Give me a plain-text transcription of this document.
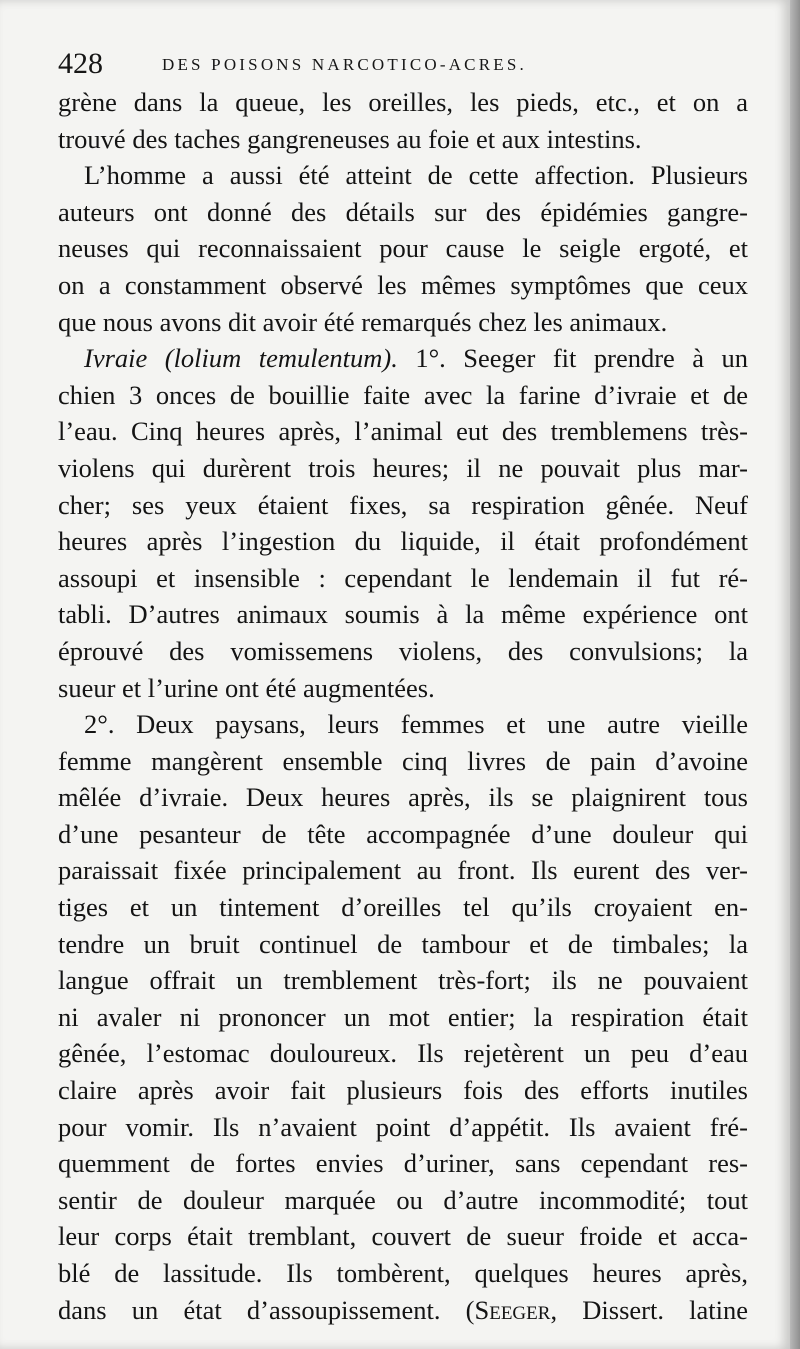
428	DES POISONS NARCOTICO-ACRES.
grène dans la queue, les oreilles, les pieds, etc., et on a
trouvé des taches gangreneuses au foie et aux intestins.
L’homme a aussi été atteint de cette affection. Plusieurs
auteurs ont donné des détails sur des épidémies gangre-
neuses qui reconnaissaient pour cause le seigle ergoté, et
on a constamment observé les mêmes symptômes que ceux
que nous avons dit avoir été remarqués chez les animaux.
Ivraie (lolium temulentum). 1°. Seeger fit prendre à un
chien 3 onces de bouillie faite avec la farine d’ivraie et de
l’eau. Cinq heures après, l’animal eut des tremblemens très-
violens qui durèrent trois heures; il ne pouvait plus mar-
cher; ses yeux étaient fixes, sa respiration gênée. Neuf
heures après l’ingestion du liquide, il était profondément
assoupi et insensible : cependant le lendemain il fut ré-
tabli. D’autres animaux soumis à la même expérience ont
éprouvé des vomissemens violens, des convulsions; la
sueur et l’urine ont été augmentées.
2°. Deux paysans, leurs femmes et une autre vieille
femme mangèrent ensemble cinq livres de pain d’avoine
mêlée d’ivraie. Deux heures après, ils se plaignirent tous
d’une pesanteur de tête accompagnée d’une douleur qui
paraissait fixée principalement au front. Ils eurent des ver-
tiges et un tintement d’oreilles tel qu’ils croyaient en-
tendre un bruit continuel de tambour et de timbales; la
langue offrait un tremblement très-fort; ils ne pouvaient
ni avaler ni prononcer un mot entier; la respiration était
gênée, l’estomac douloureux. Ils rejetèrent un peu d’eau
claire après avoir fait plusieurs fois des efforts inutiles
pour vomir. Ils n’avaient point d’appétit. Ils avaient fré-
quemment de fortes envies d’uriner, sans cependant res-
sentir de douleur marquée ou d’autre incommodité; tout
leur corps était tremblant, couvert de sueur froide et acca-
blé de lassitude. Ils tombèrent, quelques heures après,
dans un état d’assoupissement. (Seeger, Dissert. latine
